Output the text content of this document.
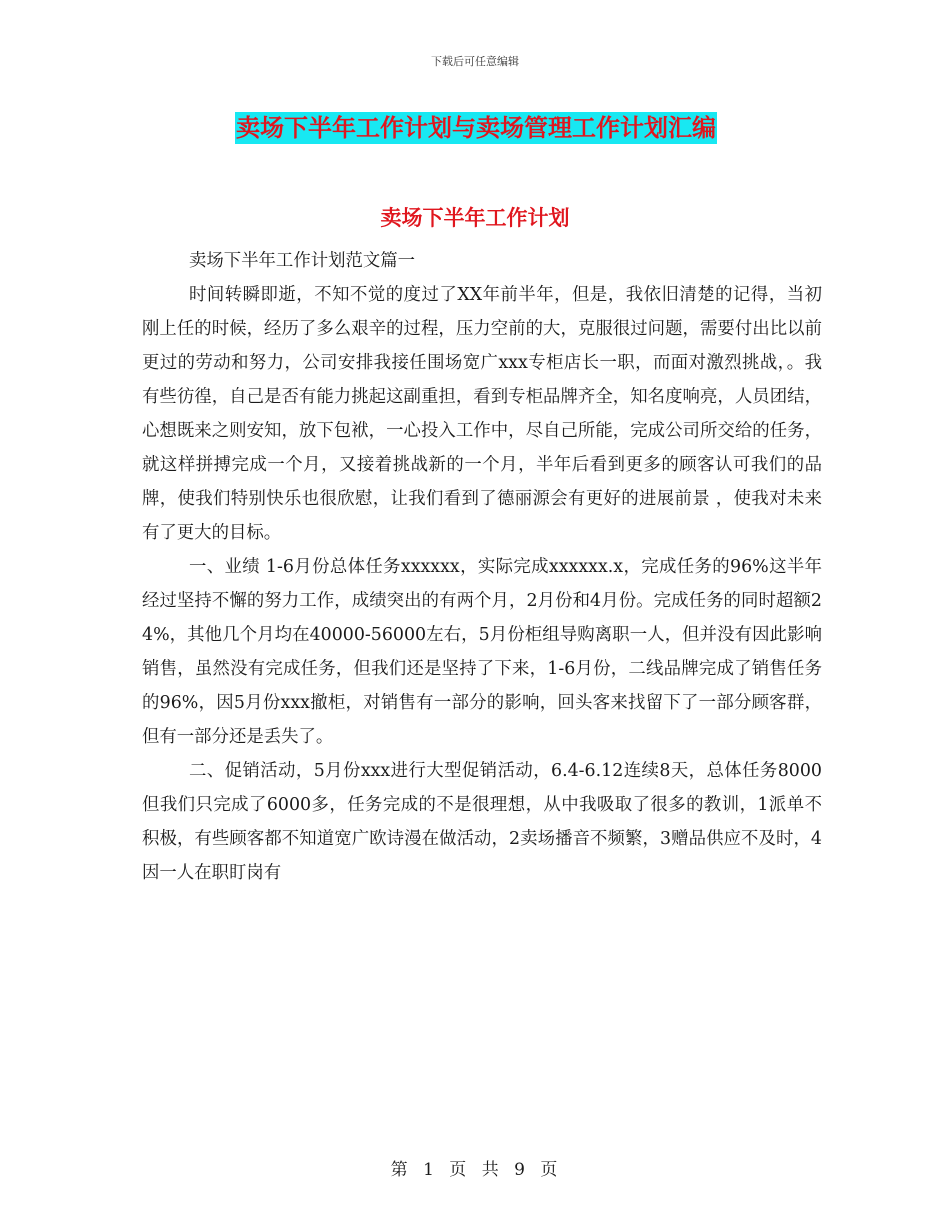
下载后可任意编辑
卖场下半年工作计划与卖场管理工作计划汇编
卖场下半年工作计划

卖场下半年工作计划范文篇一

时间转瞬即逝，不知不觉的度过了XX年前半年，但是，我依旧清楚的记得，当初刚上任的时候，经历了多么艰辛的过程，压力空前的大，克服很过问题，需要付出比以前更过的劳动和努力，公司安排我接任围场宽广xxx专柜店长一职，而面对激烈挑战，。我有些彷徨，自己是否有能力挑起这副重担，看到专柜品牌齐全，知名度响亮，人员团结，心想既来之则安知，放下包袱，一心投入工作中，尽自己所能，完成公司所交给的任务，就这样拼搏完成一个月，又接着挑战新的一个月，半年后看到更多的顾客认可我们的品牌，使我们特别快乐也很欣慰，让我们看到了德丽源会有更好的进展前景 ，使我对未来有了更大的目标。

一、业绩 1-6月份总体任务xxxxxx，实际完成xxxxxx.x，完成任务的96%这半年经过坚持不懈的努力工作，成绩突出的有两个月，2月份和4月份。完成任务的同时超额24%，其他几个月均在40000-56000左右，5月份柜组导购离职一人，但并没有因此影响销售，虽然没有完成任务，但我们还是坚持了下来，1-6月份，二线品牌完成了销售任务的96%，因5月份xxx撤柜，对销售有一部分的影响，回头客来找留下了一部分顾客群，但有一部分还是丢失了。

二、促销活动，5月份xxx进行大型促销活动，6.4-6.12连续8天，总体任务8000但我们只完成了6000多，任务完成的不是很理想，从中我吸取了很多的教训，1派单不积极，有些顾客都不知道宽广欧诗漫在做活动，2卖场播音不频繁，3赠品供应不及时，4因一人在职盯岗有

第 1 页 共 9 页
